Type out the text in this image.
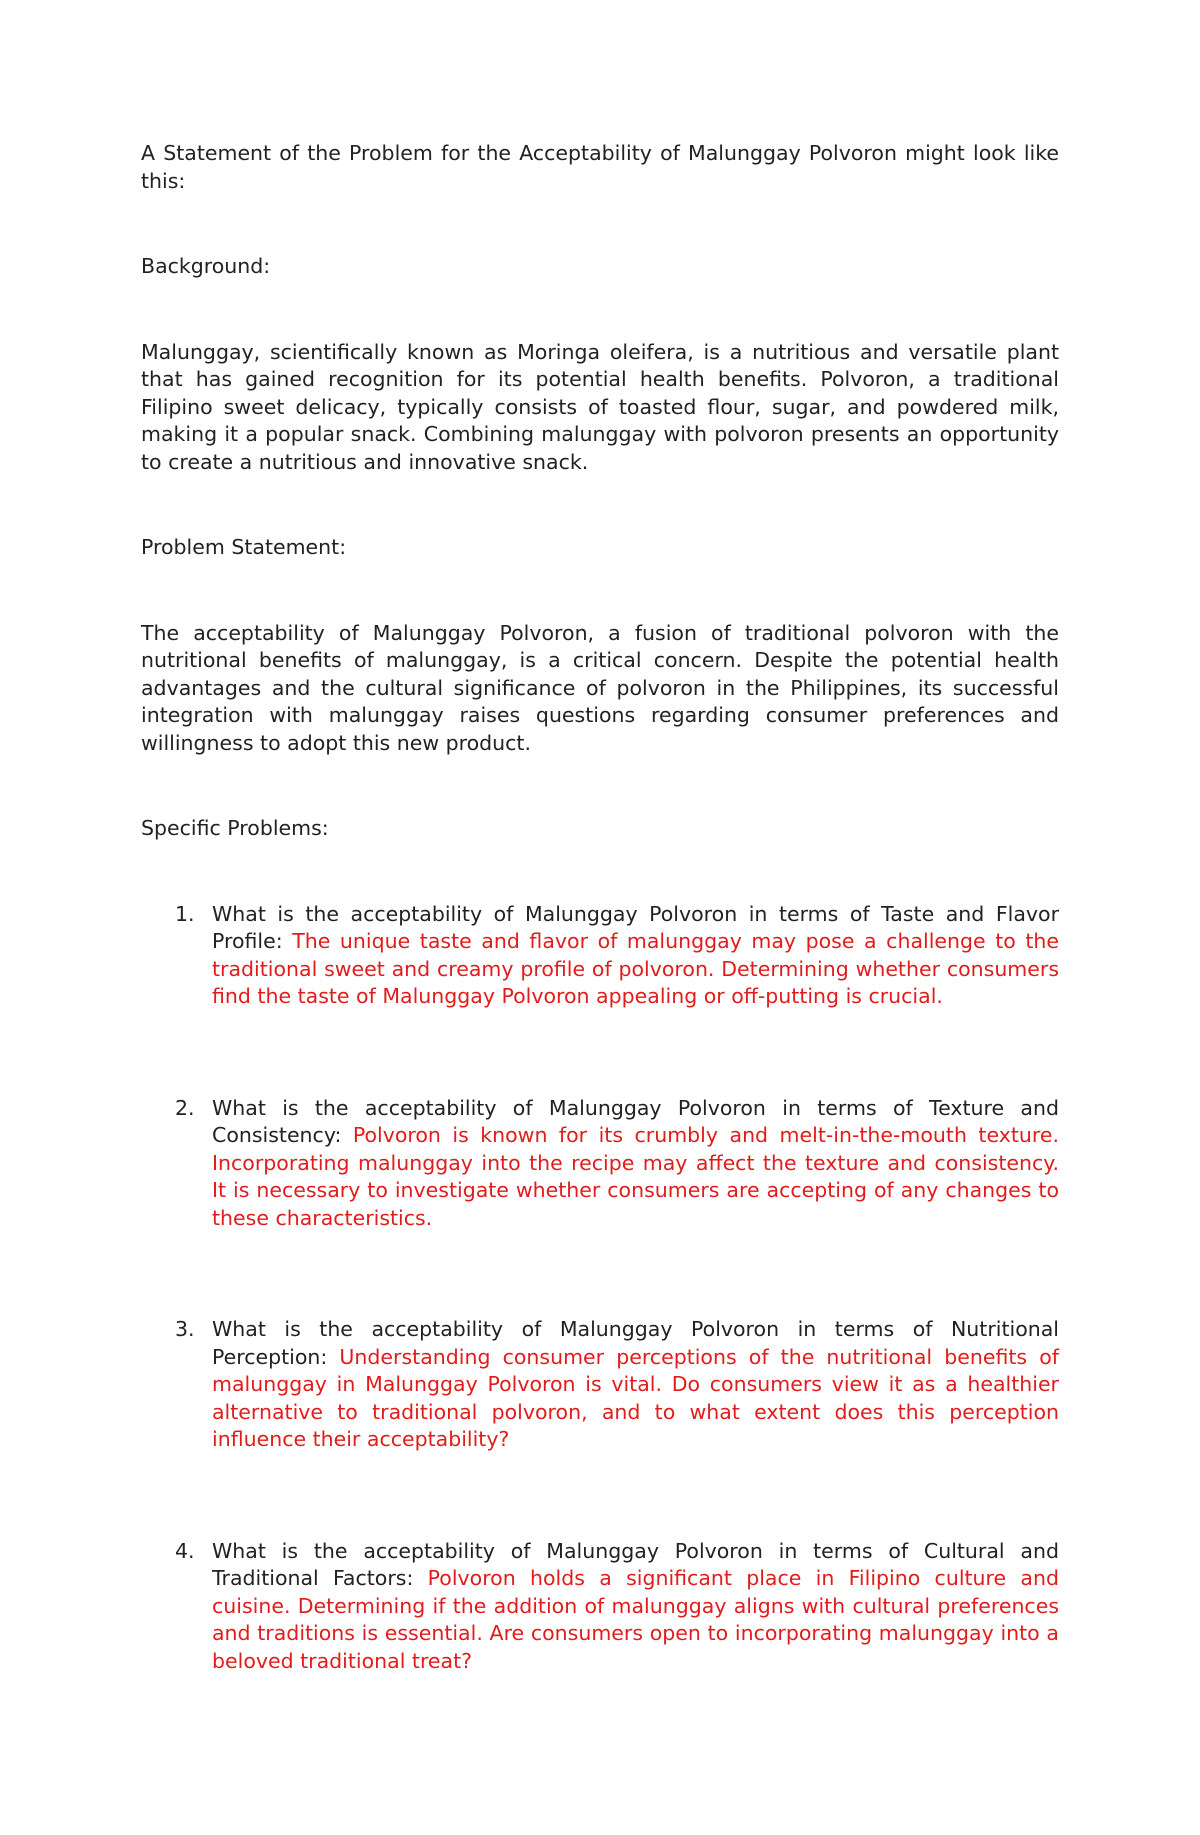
A Statement of the Problem for the Acceptability of Malunggay Polvoron might look like this:

Background:

Malunggay, scientifically known as Moringa oleifera, is a nutritious and versatile plant that has gained recognition for its potential health benefits. Polvoron, a traditional Filipino sweet delicacy, typically consists of toasted flour, sugar, and powdered milk, making it a popular snack. Combining malunggay with polvoron presents an opportunity to create a nutritious and innovative snack.

Problem Statement:

The acceptability of Malunggay Polvoron, a fusion of traditional polvoron with the nutritional benefits of malunggay, is a critical concern. Despite the potential health advantages and the cultural significance of polvoron in the Philippines, its successful integration with malunggay raises questions regarding consumer preferences and willingness to adopt this new product.

Specific Problems:

1. What is the acceptability of Malunggay Polvoron in terms of Taste and Flavor Profile: The unique taste and flavor of malunggay may pose a challenge to the traditional sweet and creamy profile of polvoron. Determining whether consumers find the taste of Malunggay Polvoron appealing or off-putting is crucial.
2. What is the acceptability of Malunggay Polvoron in terms of Texture and Consistency: Polvoron is known for its crumbly and melt-in-the-mouth texture. Incorporating malunggay into the recipe may affect the texture and consistency. It is necessary to investigate whether consumers are accepting of any changes to these characteristics.
3. What is the acceptability of Malunggay Polvoron in terms of Nutritional Perception: Understanding consumer perceptions of the nutritional benefits of malunggay in Malunggay Polvoron is vital. Do consumers view it as a healthier alternative to traditional polvoron, and to what extent does this perception influence their acceptability?
4. What is the acceptability of Malunggay Polvoron in terms of Cultural and Traditional Factors: Polvoron holds a significant place in Filipino culture and cuisine. Determining if the addition of malunggay aligns with cultural preferences and traditions is essential. Are consumers open to incorporating malunggay into a beloved traditional treat?
